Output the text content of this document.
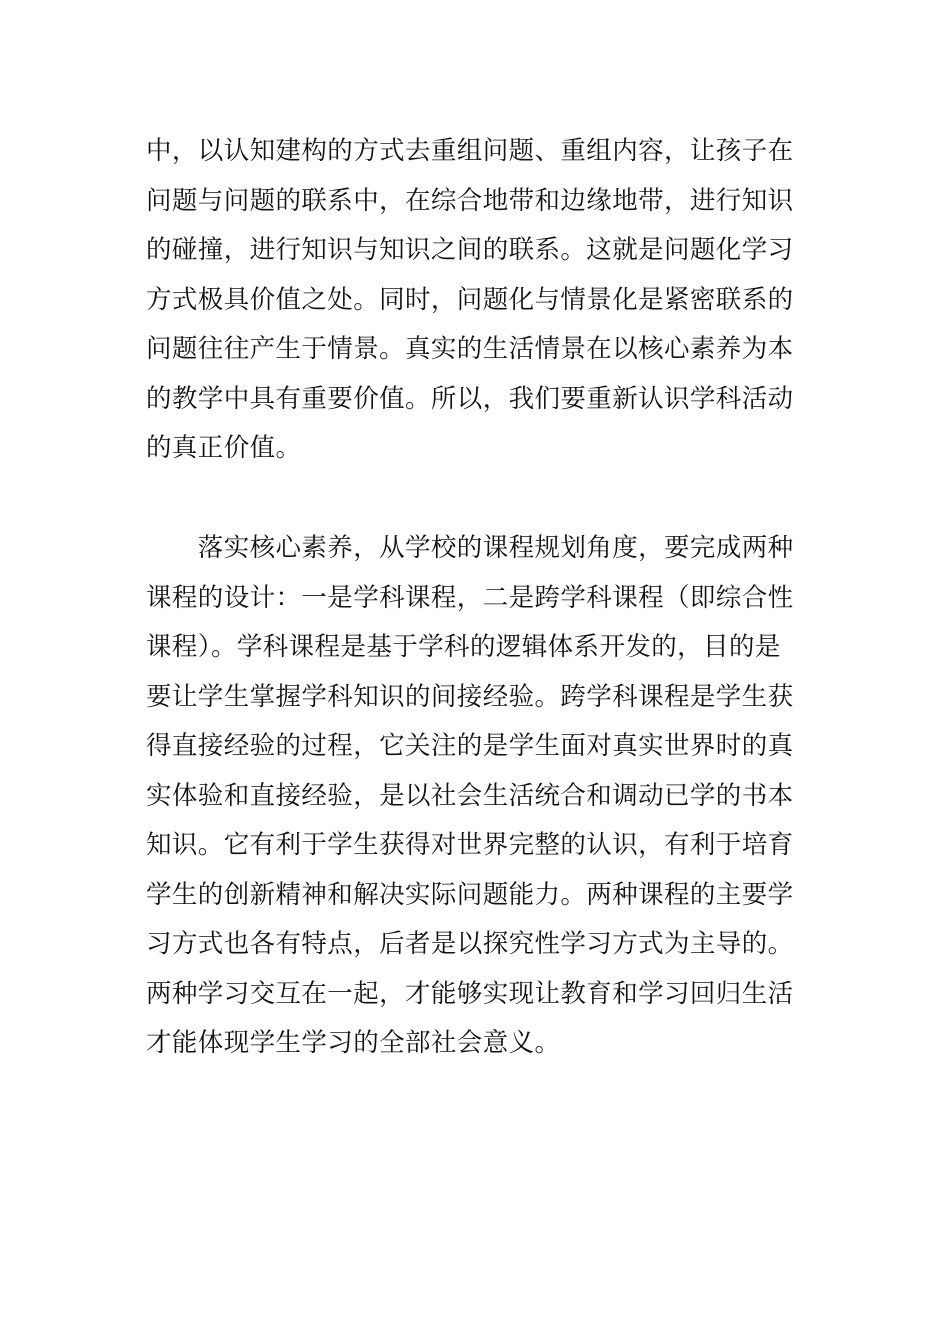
中，以认知建构的方式去重组问题、重组内容，让孩子在
问题与问题的联系中，在综合地带和边缘地带，进行知识
的碰撞，进行知识与知识之间的联系。这就是问题化学习
方式极具价值之处。同时，问题化与情景化是紧密联系的
问题往往产生于情景。真实的生活情景在以核心素养为本
的教学中具有重要价值。所以，我们要重新认识学科活动
的真正价值。
　　落实核心素养，从学校的课程规划角度，要完成两种
课程的设计：一是学科课程，二是跨学科课程（即综合性
课程）。学科课程是基于学科的逻辑体系开发的，目的是
要让学生掌握学科知识的间接经验。跨学科课程是学生获
得直接经验的过程，它关注的是学生面对真实世界时的真
实体验和直接经验，是以社会生活统合和调动已学的书本
知识。它有利于学生获得对世界完整的认识，有利于培育
学生的创新精神和解决实际问题能力。两种课程的主要学
习方式也各有特点，后者是以探究性学习方式为主导的。
两种学习交互在一起，才能够实现让教育和学习回归生活
才能体现学生学习的全部社会意义。
